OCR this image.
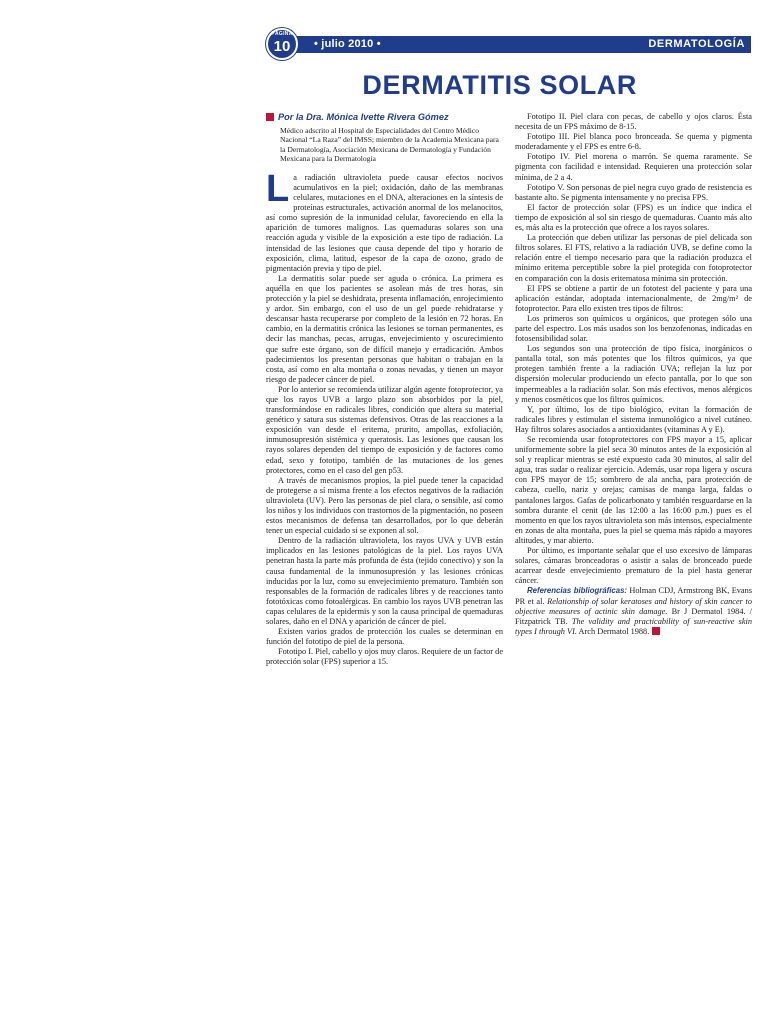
• julio 2010 •	DERMATOLOGÍA
PÁGINA
10
DERMATITIS SOLAR
Por la Dra. Mónica Ivette Rivera Gómez
Médico adscrito al Hospital de Especialidades del Centro Médico Nacional “La Raza” del IMSS; miembro de la Academia Mexicana para la Dermatología, Asociación Mexicana de Dermatología y Fundación Mexicana para la Dermatología

La radiación ultravioleta puede causar efectos nocivos acumulativos en la piel; oxidación, daño de las membranas celulares, mutaciones en el DNA, alteraciones en la síntesis de proteínas estructurales, activación anormal de los melanocitos, así como supresión de la inmunidad celular, favoreciendo en ella la aparición de tumores malignos. Las quemaduras solares son una reacción aguda y visible de la exposición a este tipo de radiación. La intensidad de las lesiones que causa depende del tipo y horario de exposición, clima, latitud, espesor de la capa de ozono, grado de pigmentación previa y tipo de piel.

La dermatitis solar puede ser aguda o crónica. La primera es aquélla en que los pacientes se asolean más de tres horas, sin protección y la piel se deshidrata, presenta inflamación, enrojecimiento y ardor. Sin embargo, con el uso de un gel puede rehidratarse y descansar hasta recuperarse por completo de la lesión en 72 horas. En cambio, en la dermatitis crónica las lesiones se tornan permanentes, es decir las manchas, pecas, arrugas, envejecimiento y oscurecimiento que sufre este órgano, son de difícil manejo y erradicación. Ambos padecimientos los presentan personas que habitan o trabajan en la costa, así como en alta montaña o zonas nevadas, y tienen un mayor riesgo de padecer cáncer de piel.

Por lo anterior se recomienda utilizar algún agente fotoprotector, ya que los rayos UVB a largo plazo son absorbidos por la piel, transformándose en radicales libres, condición que altera su material genético y satura sus sistemas defensivos. Otras de las reacciones a la exposición van desde el eritema, prurito, ampollas, exfoliación, inmunosupresión sistémica y queratosis. Las lesiones que causan los rayos solares dependen del tiempo de exposición y de factores como edad, sexo y fototipo, también de las mutaciones de los genes protectores, como en el caso del gen p53.

A través de mecanismos propios, la piel puede tener la capacidad de protegerse a sí misma frente a los efectos negativos de la radiación ultravioleta (UV). Pero las personas de piel clara, o sensible, así como los niños y los individuos con trastornos de la pigmentación, no poseen estos mecanismos de defensa tan desarrollados, por lo que deberán tener un especial cuidado si se exponen al sol.

Dentro de la radiación ultravioleta, los rayos UVA y UVB están implicados en las lesiones patológicas de la piel. Los rayos UVA penetran hasta la parte más profunda de ésta (tejido conectivo) y son la causa fundamental de la inmunosupresión y las lesiones crónicas inducidas por la luz, como su envejecimiento prematuro. También son responsables de la formación de radicales libres y de reacciones tanto fototóxicas como fotoalérgicas. En cambio los rayos UVB penetran las capas celulares de la epidermis y son la causa principal de quemaduras solares, daño en el DNA y aparición de cáncer de piel.

Existen varios grados de protección los cuales se determinan en función del fototipo de piel de la persona.

Fototipo I. Piel, cabello y ojos muy claros. Requiere de un factor de protección solar (FPS) superior a 15.

Fototipo II. Piel clara con pecas, de cabello y ojos claros. Ésta necesita de un FPS máximo de 8-15.

Fototipo III. Piel blanca poco bronceada. Se quema y pigmenta moderadamente y el FPS es entre 6-8.

Fototipo IV. Piel morena o marrón. Se quema raramente. Se pigmenta con facilidad e intensidad. Requieren una protección solar mínima, de 2 a 4.

Fototipo V. Son personas de piel negra cuyo grado de resistencia es bastante alto. Se pigmenta intensamente y no precisa FPS.

El factor de protección solar (FPS) es un índice que indica el tiempo de exposición al sol sin riesgo de quemaduras. Cuanto más alto es, más alta es la protección que ofrece a los rayos solares.

La protección que deben utilizar las personas de piel delicada son filtros solares. El FTS, relativo a la radiación UVB, se define como la relación entre el tiempo necesario para que la radiación produzca el mínimo eritema perceptible sobre la piel protegida con fotoprotector en comparación con la dosis eritematosa mínima sin protección.

El FPS se obtiene a partir de un fototest del paciente y para una aplicación estándar, adoptada internacionalmente, de 2mg/m² de fotoprotector. Para ello existen tres tipos de filtros:

Los primeros son químicos u orgánicos, que protegen sólo una parte del espectro. Los más usados son los benzofenonas, indicadas en fotosensibilidad solar.

Los segundos son una protección de tipo física, inorgánicos o pantalla total, son más potentes que los filtros químicos, ya que protegen también frente a la radiación UVA; reflejan la luz por dispersión molecular produciendo un efecto pantalla, por lo que son impermeables a la radiación solar. Son más efectivos, menos alérgicos y menos cosméticos que los filtros químicos.

Y, por último, los de tipo biológico, evitan la formación de radicales libres y estimulan el sistema inmunológico a nivel cutáneo. Hay filtros solares asociados a antioxidantes (vitaminas A y E).

Se recomienda usar fotoprotectores con FPS mayor a 15, aplicar uniformemente sobre la piel seca 30 minutos antes de la exposición al sol y reaplicar mientras se esté expuesto cada 30 minutos, al salir del agua, tras sudar o realizar ejercicio. Además, usar ropa ligera y oscura con FPS mayor de 15; sombrero de ala ancha, para protección de cabeza, cuello, nariz y orejas; camisas de manga larga, faldas o pantalones largos. Gafas de policarbonato y también resguardarse en la sombra durante el cenit (de las 12:00 a las 16:00 p.m.) pues es el momento en que los rayos ultravioleta son más intensos, especialmente en zonas de alta montaña, pues la piel se quema más rápido a mayores altitudes, y mar abierto.

Por último, es importante señalar que el uso excesivo de lámparas solares, cámaras bronceadoras o asistir a salas de bronceado puede acarrear desde envejecimiento prematuro de la piel hasta generar cáncer.

Referencias bibliográficas: Holman CDJ, Armstrong BK, Evans PR et al. Relationship of solar keratoses and history of skin cancer to objective measures of actinic skin damage. Br J Dermatol 1984. / Fitzpatrick TB. The validity and practicability of sun-reactive skin types I through VI. Arch Dermatol 1988.
